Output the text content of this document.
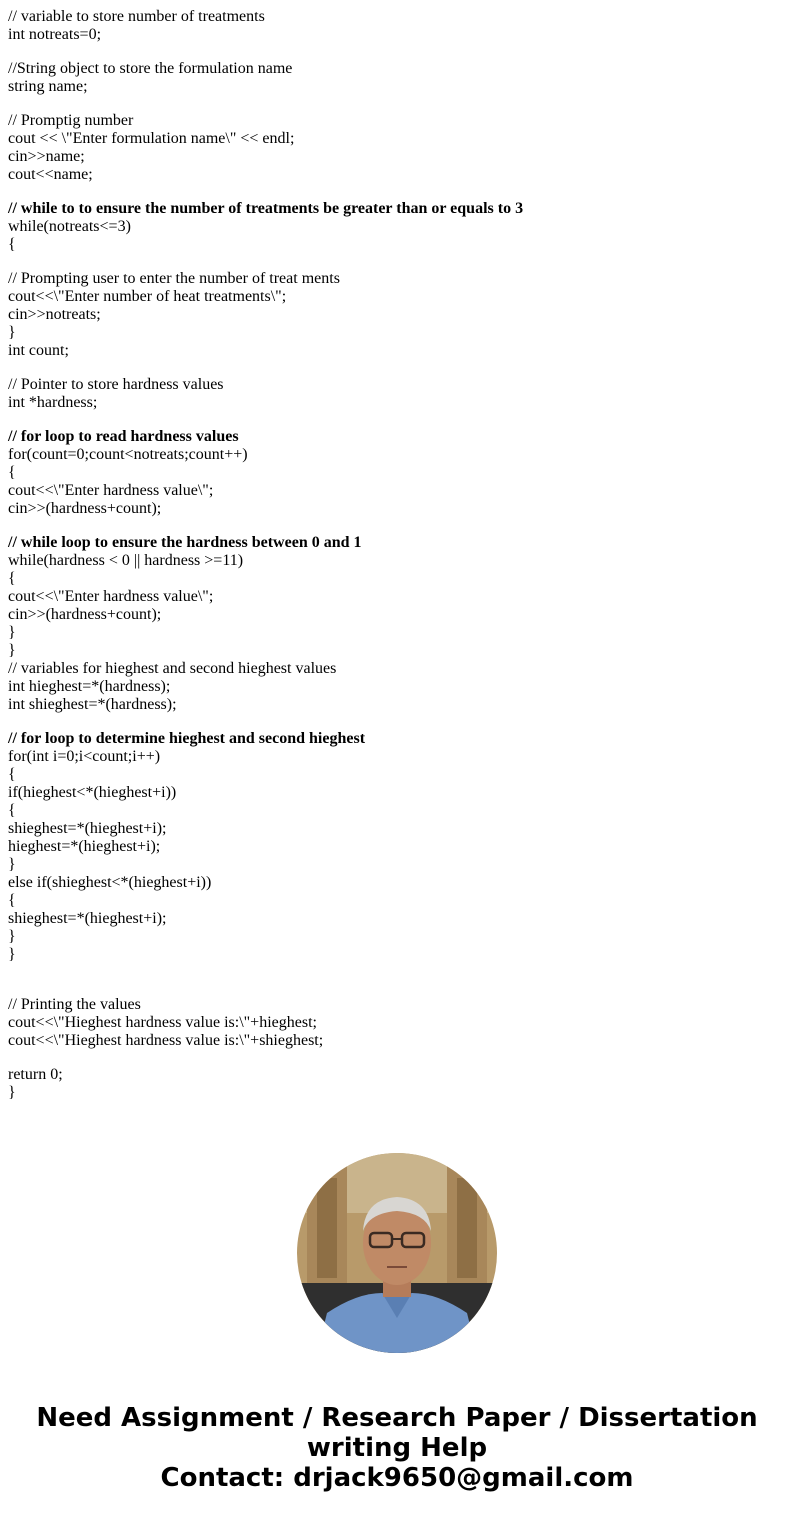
// variable to store number of treatments
int notreats=0;
//String object to store the formulation name
string name;
// Promptig number
cout << \"Enter formulation name\" << endl;
cin>>name;
cout<<name;
// while to to ensure the number of treatments be greater than or equals to 3
while(notreats<=3)
{
// Prompting user to enter the number of treat ments
cout<<\"Enter number of heat treatments\";
cin>>notreats;
}
int count;
// Pointer to store hardness values
int *hardness;
// for loop to read hardness values
for(count=0;count<notreats;count++)
{
cout<<\"Enter hardness value\";
cin>>(hardness+count);
// while loop to ensure the hardness between 0 and 1
while(hardness < 0 || hardness >=11)
{
cout<<\"Enter hardness value\";
cin>>(hardness+count);
}
}
// variables for hieghest and second hieghest values
int hieghest=*(hardness);
int shieghest=*(hardness);
// for loop to determine hieghest and second hieghest
for(int i=0;i<count;i++)
{
if(hieghest<*(hieghest+i))
{
shieghest=*(hieghest+i);
hieghest=*(hieghest+i);
}
else if(shieghest<*(hieghest+i))
{
shieghest=*(hieghest+i);
}
}
// Printing the values
cout<<\"Hieghest hardness value is:\"+hieghest;
cout<<\"Hieghest hardness value is:\"+shieghest;
return 0;
}
Need Assignment / Research Paper / Dissertation
writing Help
Contact: drjack9650@gmail.com
